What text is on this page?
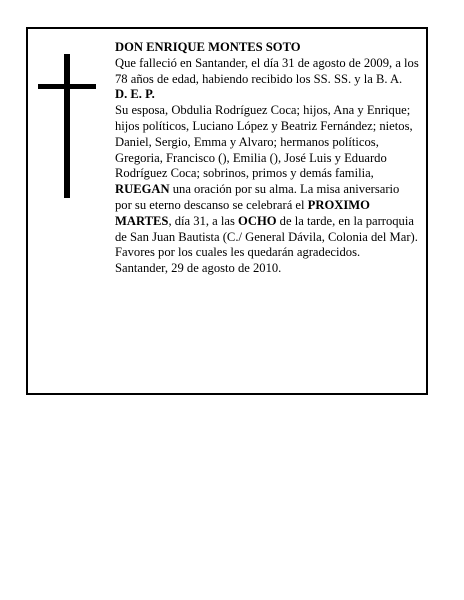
DON ENRIQUE MONTES SOTO

Que falleció en Santander, el día 31 de agosto de 2009, a los 78 años de edad, habiendo recibido los SS. SS. y la B. A.

D. E. P.

Su esposa, Obdulia Rodríguez Coca; hijos, Ana y Enrique; hijos políticos, Luciano López y Beatriz Fernández; nietos, Daniel, Sergio, Emma y Alvaro; hermanos políticos, Gregoria, Francisco (), Emilia (), José Luis y Eduardo Rodríguez Coca; sobrinos, primos y demás familia,

RUEGAN una oración por su alma. La misa aniversario por su eterno descanso se celebrará el PROXIMO MARTES, día 31, a las OCHO de la tarde, en la parroquia de San Juan Bautista (C./ General Dávila, Colonia del Mar). Favores por los cuales les quedarán agradecidos.

Santander, 29 de agosto de 2010.
